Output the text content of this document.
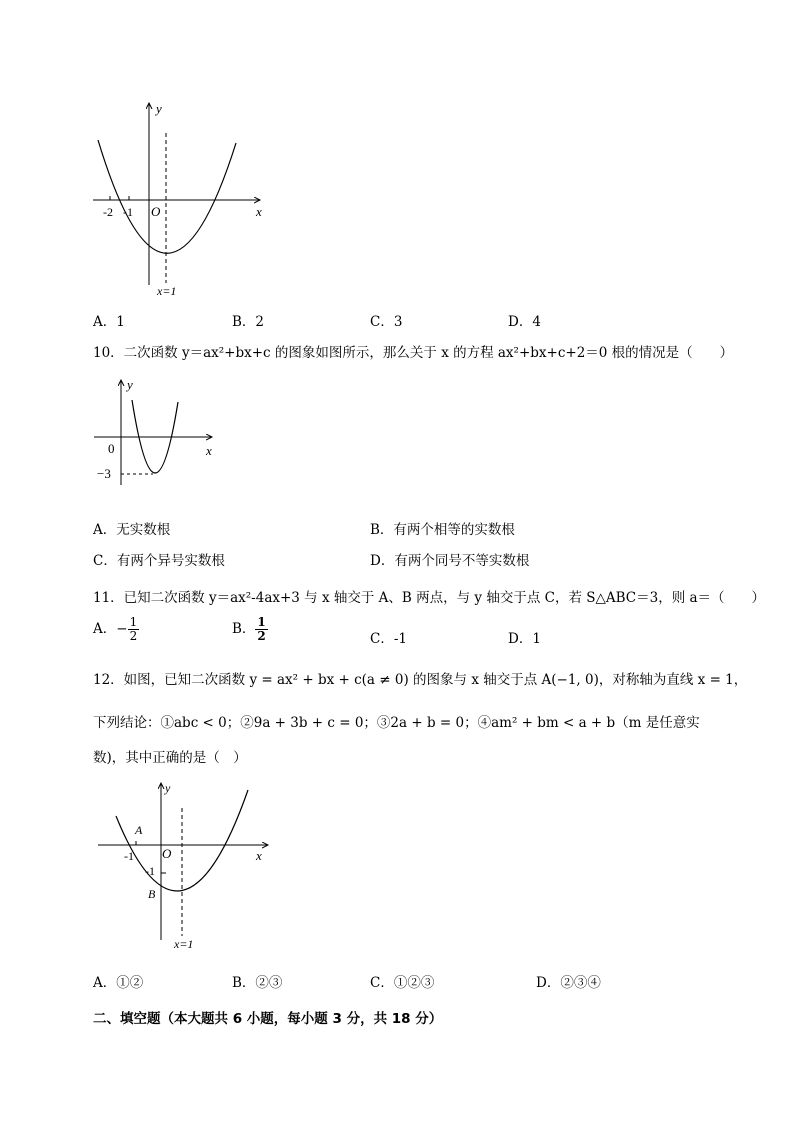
y
x
O
-2 -1
x=1
A．1	B．2	C．3	D．4
10．二次函数 y＝ax²+bx+c 的图象如图所示，那么关于 x 的方程 ax²+bx+c+2＝0 根的情况是（　　）
y
x
0
−3
A．无实数根	B．有两个相等的实数根
C．有两个异号实数根	D．有两个同号不等实数根
11．已知二次函数 y＝ax²-4ax+3 与 x 轴交于 A、B 两点，与 y 轴交于点 C，若 S△ABC＝3，则 a＝（　　）
A．− $\frac{1}{2}$	B． $\frac{1}{2}$	C．-1	D．1
12．如图，已知二次函数 y = ax² + bx + c(a ≠ 0) 的图象与 x 轴交于点 A(−1, 0)，对称轴为直线 x = 1，
下列结论：①abc < 0；②9a + 3b + c = 0；③2a + b = 0；④am² + bm < a + b（m 是任意实
数)，其中正确的是（　）
y
x
O
A
B
-1
-1
x=1
A．①②	B．②③	C．①②③	D．②③④
二、填空题（本大题共 6 小题，每小题 3 分，共 18 分）
